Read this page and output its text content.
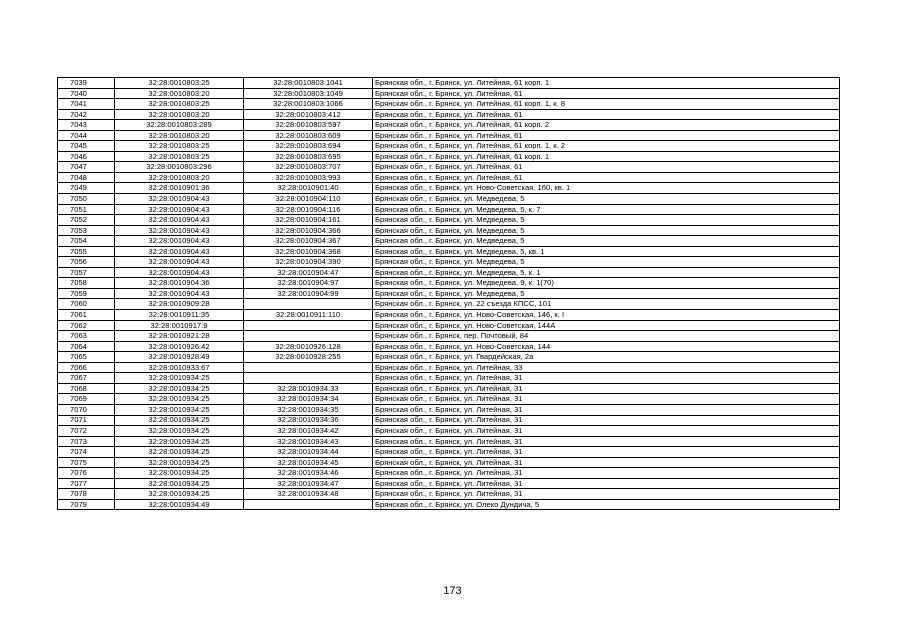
7039	32:28:0010803:25	32:28:0010803:1041	Брянская обл., г. Брянск, ул. Литейная, 61 корп. 1
7040	32:28:0010803:20	32:28:0010803:1049	Брянская обл., г. Брянск, ул. Литейная, 61
7041	32:28:0010803:25	32:28:0010803:1066	Брянская обл., г. Брянск, ул. Литейная, 61 корп. 1, к. 8
7042	32:28:0010803:20	32:28:0010803:412	Брянская обл., г. Брянск, ул. Литейная, 61
7043	32:28:0010803:289	32:28:0010803:597	Брянская обл., г. Брянск, ул. Литейная, 61 корп. 2
7044	32:28:0010803:20	32:28:0010803:609	Брянская обл., г. Брянск, ул. Литейная, 61
7045	32:28:0010803:25	32:28:0010803:694	Брянская обл., г. Брянск, ул. Литейная, 61 корп. 1, к. 2
7046	32:28:0010803:25	32:28:0010803:695	Брянская обл., г. Брянск, ул. Литейная, 61 корп. 1
7047	32:28:0010803:296	32:28:0010803:707	Брянская обл., г. Брянск, ул. Литейная, 61
7048	32:28:0010803:20	32:28:0010803:993	Брянская обл., г. Брянск, ул. Литейная, 61
7049	32:28:0010901:36	32:28:0010901:40	Брянская обл., г. Брянск, ул. Ново-Советская, 160, кв. 1
7050	32:28:0010904:43	32:28:0010904:110	Брянская обл., г. Брянск, ул. Медведева, 5
7051	32:28:0010904:43	32:28:0010904:116	Брянская обл., г. Брянск, ул. Медведева, 5, к. 7
7052	32:28:0010904:43	32:28:0010904:161	Брянская обл., г. Брянск, ул. Медведева, 5
7053	32:28:0010904:43	32:28:0010904:366	Брянская обл., г. Брянск, ул. Медведева, 5
7054	32:28:0010904:43	32:28:0010904:367	Брянская обл., г. Брянск, ул. Медведева, 5
7055	32:28:0010904:43	32:28:0010904:368	Брянская обл., г. Брянск, ул. Медведева, 5, кв. 1
7056	32:28:0010904:43	32:28:0010904:390	Брянская обл., г. Брянск, ул. Медведева, 5
7057	32:28:0010904:43	32:28:0010904:47	Брянская обл., г. Брянск, ул. Медведева, 5, к. 1
7058	32:28:0010904:36	32:28:0010904:97	Брянская обл., г. Брянск, ул. Медведева, 9, к. 1(70)
7059	32:28:0010904:43	32:28:0010904:99	Брянская обл., г. Брянск, ул. Медведева, 5
7060	32:28:0010909:28		Брянская обл., г. Брянск, ул. 22 съезда КПСС, 101
7061	32:28:0010911:35	32:28:0010911:110	Брянская обл., г. Брянск, ул. Ново-Советская, 146, к. I
7062	32:28:0010917:9		Брянская обл., г. Брянск, ул. Ново-Советская, 144А
7063	32:28:0010921:28		Брянская обл., г. Брянск, пер. Почтовый, 84
7064	32:28:0010926:42	32:28:0010926:128	Брянская обл., г. Брянск, ул. Ново-Советская, 144
7065	32:28:0010928:49	32:28:0010928:255	Брянская обл., г. Брянск, ул. Гвардейская, 2а
7066	32:28:0010933:67		Брянская обл., г. Брянск, ул. Литейная, 33
7067	32:28:0010934:25		Брянская обл., г. Брянск, ул. Литейная, 31
7068	32:28:0010934:25	32:28:0010934:33	Брянская обл., г. Брянск, ул. Литейная, 31
7069	32:28:0010934:25	32:28:0010934:34	Брянская обл., г. Брянск, ул. Литейная, 31
7070	32:28:0010934:25	32:28:0010934:35	Брянская обл., г. Брянск, ул. Литейная, 31
7071	32:28:0010934:25	32:28:0010934:36	Брянская обл., г. Брянск, ул. Литейная, 31
7072	32:28:0010934:25	32:28:0010934:42	Брянская обл., г. Брянск, ул. Литейная, 31
7073	32:28:0010934:25	32:28:0010934:43	Брянская обл., г. Брянск, ул. Литейная, 31
7074	32:28:0010934:25	32:28:0010934:44	Брянская обл., г. Брянск, ул. Литейная, 31
7075	32:28:0010934:25	32:28:0010934:45	Брянская обл., г. Брянск, ул. Литейная, 31
7076	32:28:0010934:25	32:28:0010934:46	Брянская обл., г. Брянск, ул. Литейная, 31
7077	32:28:0010934:25	32:28:0010934:47	Брянская обл., г. Брянск, ул. Литейная, 31
7078	32:28:0010934:25	32:28:0010934:48	Брянская обл., г. Брянск, ул. Литейная, 31
7079	32:28:0010934:49		Брянская обл., г. Брянск, ул. Олеко Дундича, 5
173
